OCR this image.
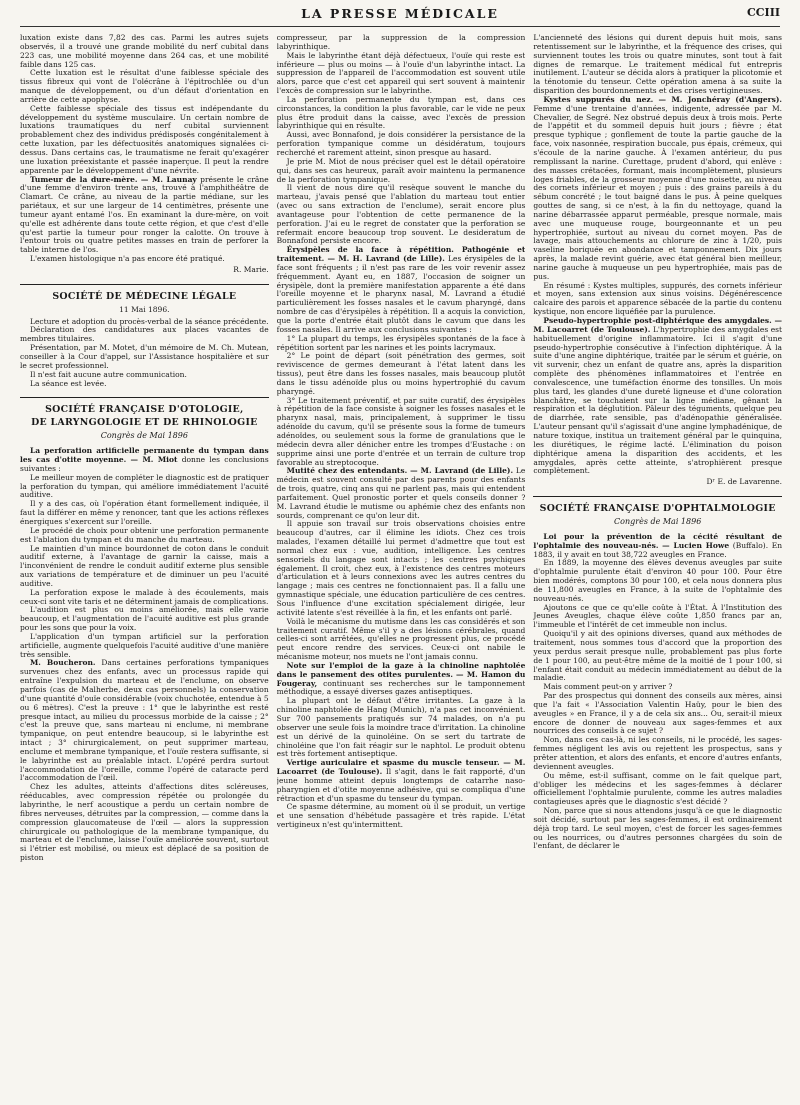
LA PRESSE MÉDICALE	CCIII

luxation existe dans 7,82 des cas. Parmi les autres sujets observés, il a trouvé une grande mobilité du nerf cubital dans 223 cas, une mobilité moyenne dans 264 cas, et une mobilité faible dans 125 cas.

Cette luxation est le résultat d'une faiblesse spéciale des tissus fibreux qui vont de l'olécrâne à l'épitrochlée ou d'un manque de développement, ou d'un défaut d'orientation en arrière de cette apophyse.

Cette faiblesse spéciale des tissus est indépendante du développement du système musculaire. Un certain nombre de luxations traumatiques du nerf cubital surviennent probablement chez des individus prédisposés congénitalement à cette luxation, par les défectuosités anatomiques signalées ci-dessus. Dans certains cas, le traumatisme ne ferait qu'exagérer une luxation préexistante et passée inaperçue. Il peut la rendre apparente par le développement d'une névrite.

Tumeur de la dure-mère. — M. Launay présente le crâne d'une femme d'environ trente ans, trouvé à l'amphithéâtre de Clamart. Ce crâne, au niveau de la partie médiane, sur les pariétaux, et sur une largeur de 14 centimètres, présente une tumeur ayant entamé l'os. En examinant la dure-mère, on voit qu'elle est adhérente dans toute cette région, et que c'est d'elle qu'est partie la tumeur pour ronger la calotte. On trouve à l'entour trois ou quatre petites masses en train de perforer la table interne de l'os.

L'examen histologique n'a pas encore été pratiqué.

R. Marie.
SOCIÉTÉ DE MÉDECINE LÉGALE
11 Mai 1896.

Lecture et adoption du procès-verbal de la séance précédente.

Déclaration des candidatures aux places vacantes de membres titulaires.

Présentation, par M. Motet, d'un mémoire de M. Ch. Mutean, conseiller à la Cour d'appel, sur l'Assistance hospitalière et sur le secret professionnel.

Il n'est fait aucune autre communication.

La séance est levée.

SOCIÉTÉ FRANÇAISE D'OTOLOGIE,
DE LARYNGOLOGIE ET DE RHINOLOGIE
Congrès de Mai 1896

La perforation artificielle permanente du tympan dans les cas d'otite moyenne. — M. Miot donne les conclusions suivantes :

Le meilleur moyen de compléter le diagnostic est de pratiquer la perforation du tympan, qui améliore immédiatement l'acuité auditive.

Il y a des cas, où l'opération étant formellement indiquée, il faut la différer en même y renoncer, tant que les actions réflexes énergiques s'exercent sur l'oreille.

Le procédé de choix pour obtenir une perforation permanente est l'ablation du tympan et du manche du marteau.

Le maintien d'un mince bourdonnet de coton dans le conduit auditif externe, à l'avantage de garnir la caisse, mais a l'inconvénient de rendre le conduit auditif externe plus sensible aux variations de température et de diminuer un peu l'acuité auditive.

La perforation expose le malade à des écoulements, mais ceux-ci sont vite taris et ne déterminent jamais de complications.

L'audition est plus ou moins améliorée, mais elle varie beaucoup, et l'augmentation de l'acuité auditive est plus grande pour les sons que pour la voix.

L'application d'un tympan artificiel sur la perforation artificielle, augmente quelquefois l'acuité auditive d'une manière très sensible.

M. Boucheron. Dans certaines perforations tympaniques survenues chez des enfants, avec un processus rapide qui entraîne l'expulsion du marteau et de l'enclume, on observe parfois (cas de Malherbe, deux cas personnels) la conservation d'une quantité d'ouïe considérable (voix chuchotée, entendue à 5 ou 6 mètres). C'est la preuve : 1° que le labyrinthe est resté presque intact, au milieu du processus morbide de la caisse ; 2° c'est la preuve que, sans marteau ni enclume, ni membrane tympanique, on peut entendre beaucoup, si le labyrinthe est intact ; 3° chirurgicalement, on peut supprimer marteau, enclume et membrane tympanique, et l'ouïe restera suffisante, si le labyrinthe est au préalable intact. L'opéré perdra surtout l'accommodation de l'oreille, comme l'opéré de cataracte perd l'accommodation de l'œil.

Chez les adultes, atteints d'affections dites scléreuses, rééducables, avec compression répétée ou prolongée du labyrinthe, le nerf acoustique a perdu un certain nombre de fibres nerveuses, détruites par la compression, — comme dans la compression glaucomateuse de l'œil — alors la suppression chirurgicale ou pathologique de la membrane tympanique, du marteau et de l'enclume, laisse l'ouïe améliorée souvent, surtout si l'étrier est mobilisé, ou mieux est déplacé de sa position de piston

compresseur, par la suppression de la compression labyrinthique.

Mais le labyrinthe étant déjà défectueux, l'ouïe qui reste est inférieure — plus ou moins — à l'ouïe d'un labyrinthe intact. La suppression de l'appareil de l'accommodation est souvent utile alors, parce que c'est cet appareil qui sert souvent à maintenir l'excès de compression sur le labyrinthe.

La perforation permanente du tympan est, dans ces circonstances, la condition la plus favorable, car le vide ne peux plus être produit dans la caisse, avec l'excès de pression labyrinthique qui en résulte.

Aussi, avec Bonnafond, je dois considérer la persistance de la perforation tympanique comme un désidératum, toujours recherché et rarement atteint, sinon presque au hasard.

Je prie M. Miot de nous préciser quel est le détail opératoire qui, dans ses cas heureux, paraît avoir maintenu la permanence de la perforation tympanique.

Il vient de nous dire qu'il resèque souvent le manche du marteau, j'avais pensé que l'ablation du marteau tout entier (avec ou sans extraction de l'enclume), serait encore plus avantageuse pour l'obtention de cette permanence de la perforation. J'ai eu le regret de constater que la perforation se refermait encore beaucoup trop souvent. Le desideratum de Bonnafond persiste encore.

Érysipèles de la face à répétition. Pathogénie et traitement. — M. H. Lavrand (de Lille). Les érysipèles de la face sont fréquents ; il n'est pas rare de les voir revenir assez fréquemment. Ayant eu, en 1887, l'occasion de soigner un érysipèle, dont la première manifestation apparente a été dans l'oreille moyenne et le pharynx nasal, M. Lavrand a étudié particulièrement les fosses nasales et le cavum pharyngé, dans nombre de cas d'érysipèles à répétition. Il a acquis la conviction, que la porte d'entrée était plutôt dans le cavum que dans les fosses nasales. Il arrive aux conclusions suivantes :

1° La plupart du temps, les érysipèles spontanés de la face à répétition sortent par les narines et les points lacrymaux.

2° Le point de départ (soit pénétration des germes, soit reviviscence de germes demeurant à l'état latent dans les tissus), peut être dans les fosses nasales, mais beaucoup plutôt dans le tissu adénoïde plus ou moins hypertrophié du cavum pharyngé.

3° Le traitement préventif, et par suite curatif, des érysipèles à répétition de la face consiste à soigner les fosses nasales et le pharynx nasal, mais, principalement, à supprimer le tissu adénoïde du cavum, qu'il se présente sous la forme de tumeurs adénoïdes, ou seulement sous la forme de granulations que le médecin devra aller dénicher entre les trompes d'Eustache : on supprime ainsi une porte d'entrée et un terrain de culture trop favorable au streptocoque.

Mutité chez des entendants. — M. Lavrand (de Lille). Le médecin est souvent consulté par des parents pour des enfants de trois, quatre, cinq ans qui ne parlent pas, mais qui entendent parfaitement. Quel pronostic porter et quels conseils donner ? M. Lavrand étudie le mutisme ou aphémie chez des enfants non sourds, comprenant ce qu'on leur dit.

Il appuie son travail sur trois observations choisies entre beaucoup d'autres, car il élimine les idiots. Chez ces trois malades, l'examen détaillé lui permet d'admettre que tout est normal chez eux : vue, audition, intelligence. Les centres sensoriels du langage sont intacts ; les centres psychiques également. Il croit, chez eux, à l'existence des centres moteurs d'articulation et à leurs connexions avec les autres centres du langage ; mais ces centres ne fonctionnaient pas. Il a fallu une gymnastique spéciale, une éducation particulière de ces centres. Sous l'influence d'une excitation spécialement dirigée, leur activité latente s'est réveillée à la fin, et les enfants ont parlé.

Voilà le mécanisme du mutisme dans les cas considérés et son traitement curatif. Même s'il y a des lésions cérébrales, quand celles-ci sont arrêtées, qu'elles ne progressent plus, ce procédé peut encore rendre des services. Ceux-ci ont nabile le mécanisme moteur, nos muets ne l'ont jamais connu.

Note sur l'emploi de la gaze à la chinoline naphtolée dans le pansement des otites purulentes. — M. Hamon du Fougeray, continuant ses recherches sur le tamponnement méthodique, a essayé diverses gazes antiseptiques.

La plupart ont le défaut d'être irritantes. La gaze à la chinoline naphtolée de Hang (Munich), n'a pas cet inconvénient. Sur 700 pansements pratiqués sur 74 malades, on n'a pu observer une seule fois la moindre trace d'irritation. La chinoline est un dérivé de la quinoléine. On se sert du tartrate de chinoléine que l'on fait réagir sur le naphtol. Le produit obtenu est très fortement antiseptique.

Vertige auriculaire et spasme du muscle tenseur. — M. Lacoarret (de Toulouse). Il s'agit, dans le fait rapporté, d'un jeune homme atteint depuis longtemps de catarrhe naso-pharyngien et d'otite moyenne adhésive, qui se compliqua d'une rétraction et d'un spasme du tenseur du tympan.

Ce spasme détermine, au moment où il se produit, un vertige et une sensation d'hébétude passagère et très rapide. L'état vertigineux n'est qu'intermittent.

L'ancienneté des lésions qui durent depuis huit mois, sans retentissement sur le labyrinthe, et la fréquence des crises, qui surviennent toutes les trois ou quatre minutes, sont tout à fait dignes de remarque. Le traitement médical fut entrepris inutilement. L'auteur se décida alors à pratiquer la plicotomie et la ténotomie du tenseur. Cette opération amena à sa suite la disparition des bourdonnements et des crises vertigineuses.

Kystes suppurés du nez. — M. Jonchéray (d'Angers). Femme d'une trentaine d'années, indigente, adressée par M. Chevalier, de Segré. Nez obstrué depuis deux à trois mois. Perte de l'appétit et du sommeil depuis huit jours ; fièvre ; état presque typhique ; gonflement de toute la partie gauche de la face, voix nasonnée, respiration buccale, pus épais, crémeux, qui s'écoule de la narine gauche. À l'examen antérieur, du pus remplissant la narine. Curettage, prudent d'abord, qui enlève : des masses crétacées, formant, mais incomplètement, plusieurs loges friables, de la grosseur moyenne d'une noisette, au niveau des cornets inférieur et moyen ; puis : des grains pareils à du sébum concrété ; le tout baigné dans le pus. À peine quelques gouttes de sang, si ce n'est, à la fin du nettoyage, quand la narine débarrassée apparut perméable, presque normale, mais avec une muqueuse rouge, bourgeonnante et un peu hypertrophiée, surtout au niveau du cornet moyen. Pas de lavage, mais attouchements au chlorure de zinc à 1/20, puis vaseline boriquée en abondance et tamponnement. Dix jours après, la malade revint guérie, avec état général bien meilleur, narine gauche à muqueuse un peu hypertrophiée, mais pas de pus.

En résumé : Kystes multiples, suppurés, des cornets inférieur et moyen, sans extension aux sinus voisins. Dégénérescence calcaire des parois et apparence sébacée de la partie du contenu kystique, non encore liquéfiée par la purulence.

Pseudo-hypertrophie post-diphtérique des amygdales. — M. Lacoarret (de Toulouse). L'hypertrophie des amygdales est habituellement d'origine inflammatoire. Ici il s'agit d'une pseudo-hypertrophie consécutive à l'infection diphtérique. À la suite d'une angine diphtérique, traitée par le sérum et guérie, on vit survenir, chez un enfant de quatre ans, après la disparition complète des phénomènes inflammatoires et l'entrée en convalescence, une tuméfaction énorme des tonsilles. Un mois plus tard, les glandes d'une dureté ligneuse et d'une coloration blanchâtre, se touchaient sur la ligne médiane, gênant la respiration et la déglutition. Pâleur des téguments, quelque peu de diarrhée, rate sensible, pas d'adénopathie généralisée. L'auteur pensant qu'il s'agissait d'une angine lymphadénique, de nature toxique, institua un traitement général par le quinquina, les diurétiques, le régime lacté. L'élimination du poison diphtérique amena la disparition des accidents, et les amygdales, après cette atteinte, s'atrophièrent presque complètement.

Dʳ E. de Lavarenne.
SOCIÉTÉ FRANÇAISE D'OPHTALMOLOGIE
Congrès de Mai 1896

Loi pour la prévention de la cécité résultant de l'ophtalmie des nouveau-nés. — Lucien Howe (Buffalo). En 1883, il y avait en tout 38,722 aveugles en France.

En 1889, la moyenne des élèves devenus aveugles par suite d'ophtalmie purulente était d'environ 40 pour 100. Pour être bien modérés, comptons 30 pour 100, et cela nous donnera plus de 11,800 aveugles en France, à la suite de l'ophtalmie des nouveau-nés.

Ajoutons ce que ce qu'elle coûte à l'État. À l'Institution des Jeunes Aveugles, chaque élève coûte 1,850 francs par an, l'immeuble et l'intérêt de cet immeuble non inclus.

Quoiqu'il y ait des opinions diverses, quand aux méthodes de traitement, nous sommes tous d'accord que la proportion des yeux perdus serait presque nulle, probablement pas plus forte de 1 pour 100, au peut-être même de la moitié de 1 pour 100, si l'enfant était conduit au médecin immédiatement au début de la maladie.

Mais comment peut-on y arriver ?

Par des prospectus qui donnent des conseils aux mères, ainsi que l'a fait « l'Association Valentin Haüy, pour le bien des aveugles » en France, il y a de cela six ans... Ou, serait-il mieux encore de donner de nouveau aux sages-femmes et aux nourrices des conseils à ce sujet ?

Non, dans ces cas-là, ni les conseils, ni le procédé, les sages-femmes négligent les avis ou rejettent les prospectus, sans y prêter attention, et alors des enfants, et encore d'autres enfants, deviennent aveugles.

Ou même, est-il suffisant, comme on le fait quelque part, d'obliger les médecins et les sages-femmes à déclarer officiellement l'ophtalmie purulente, comme les autres maladies contagieuses après que le diagnostic s'est décidé ?

Non, parce que si nous attendons jusqu'à ce que le diagnostic soit décidé, surtout par les sages-femmes, il est ordinairement déjà trop tard. Le seul moyen, c'est de forcer les sages-femmes ou les nourrices, ou d'autres personnes chargées du soin de l'enfant, de déclarer le
